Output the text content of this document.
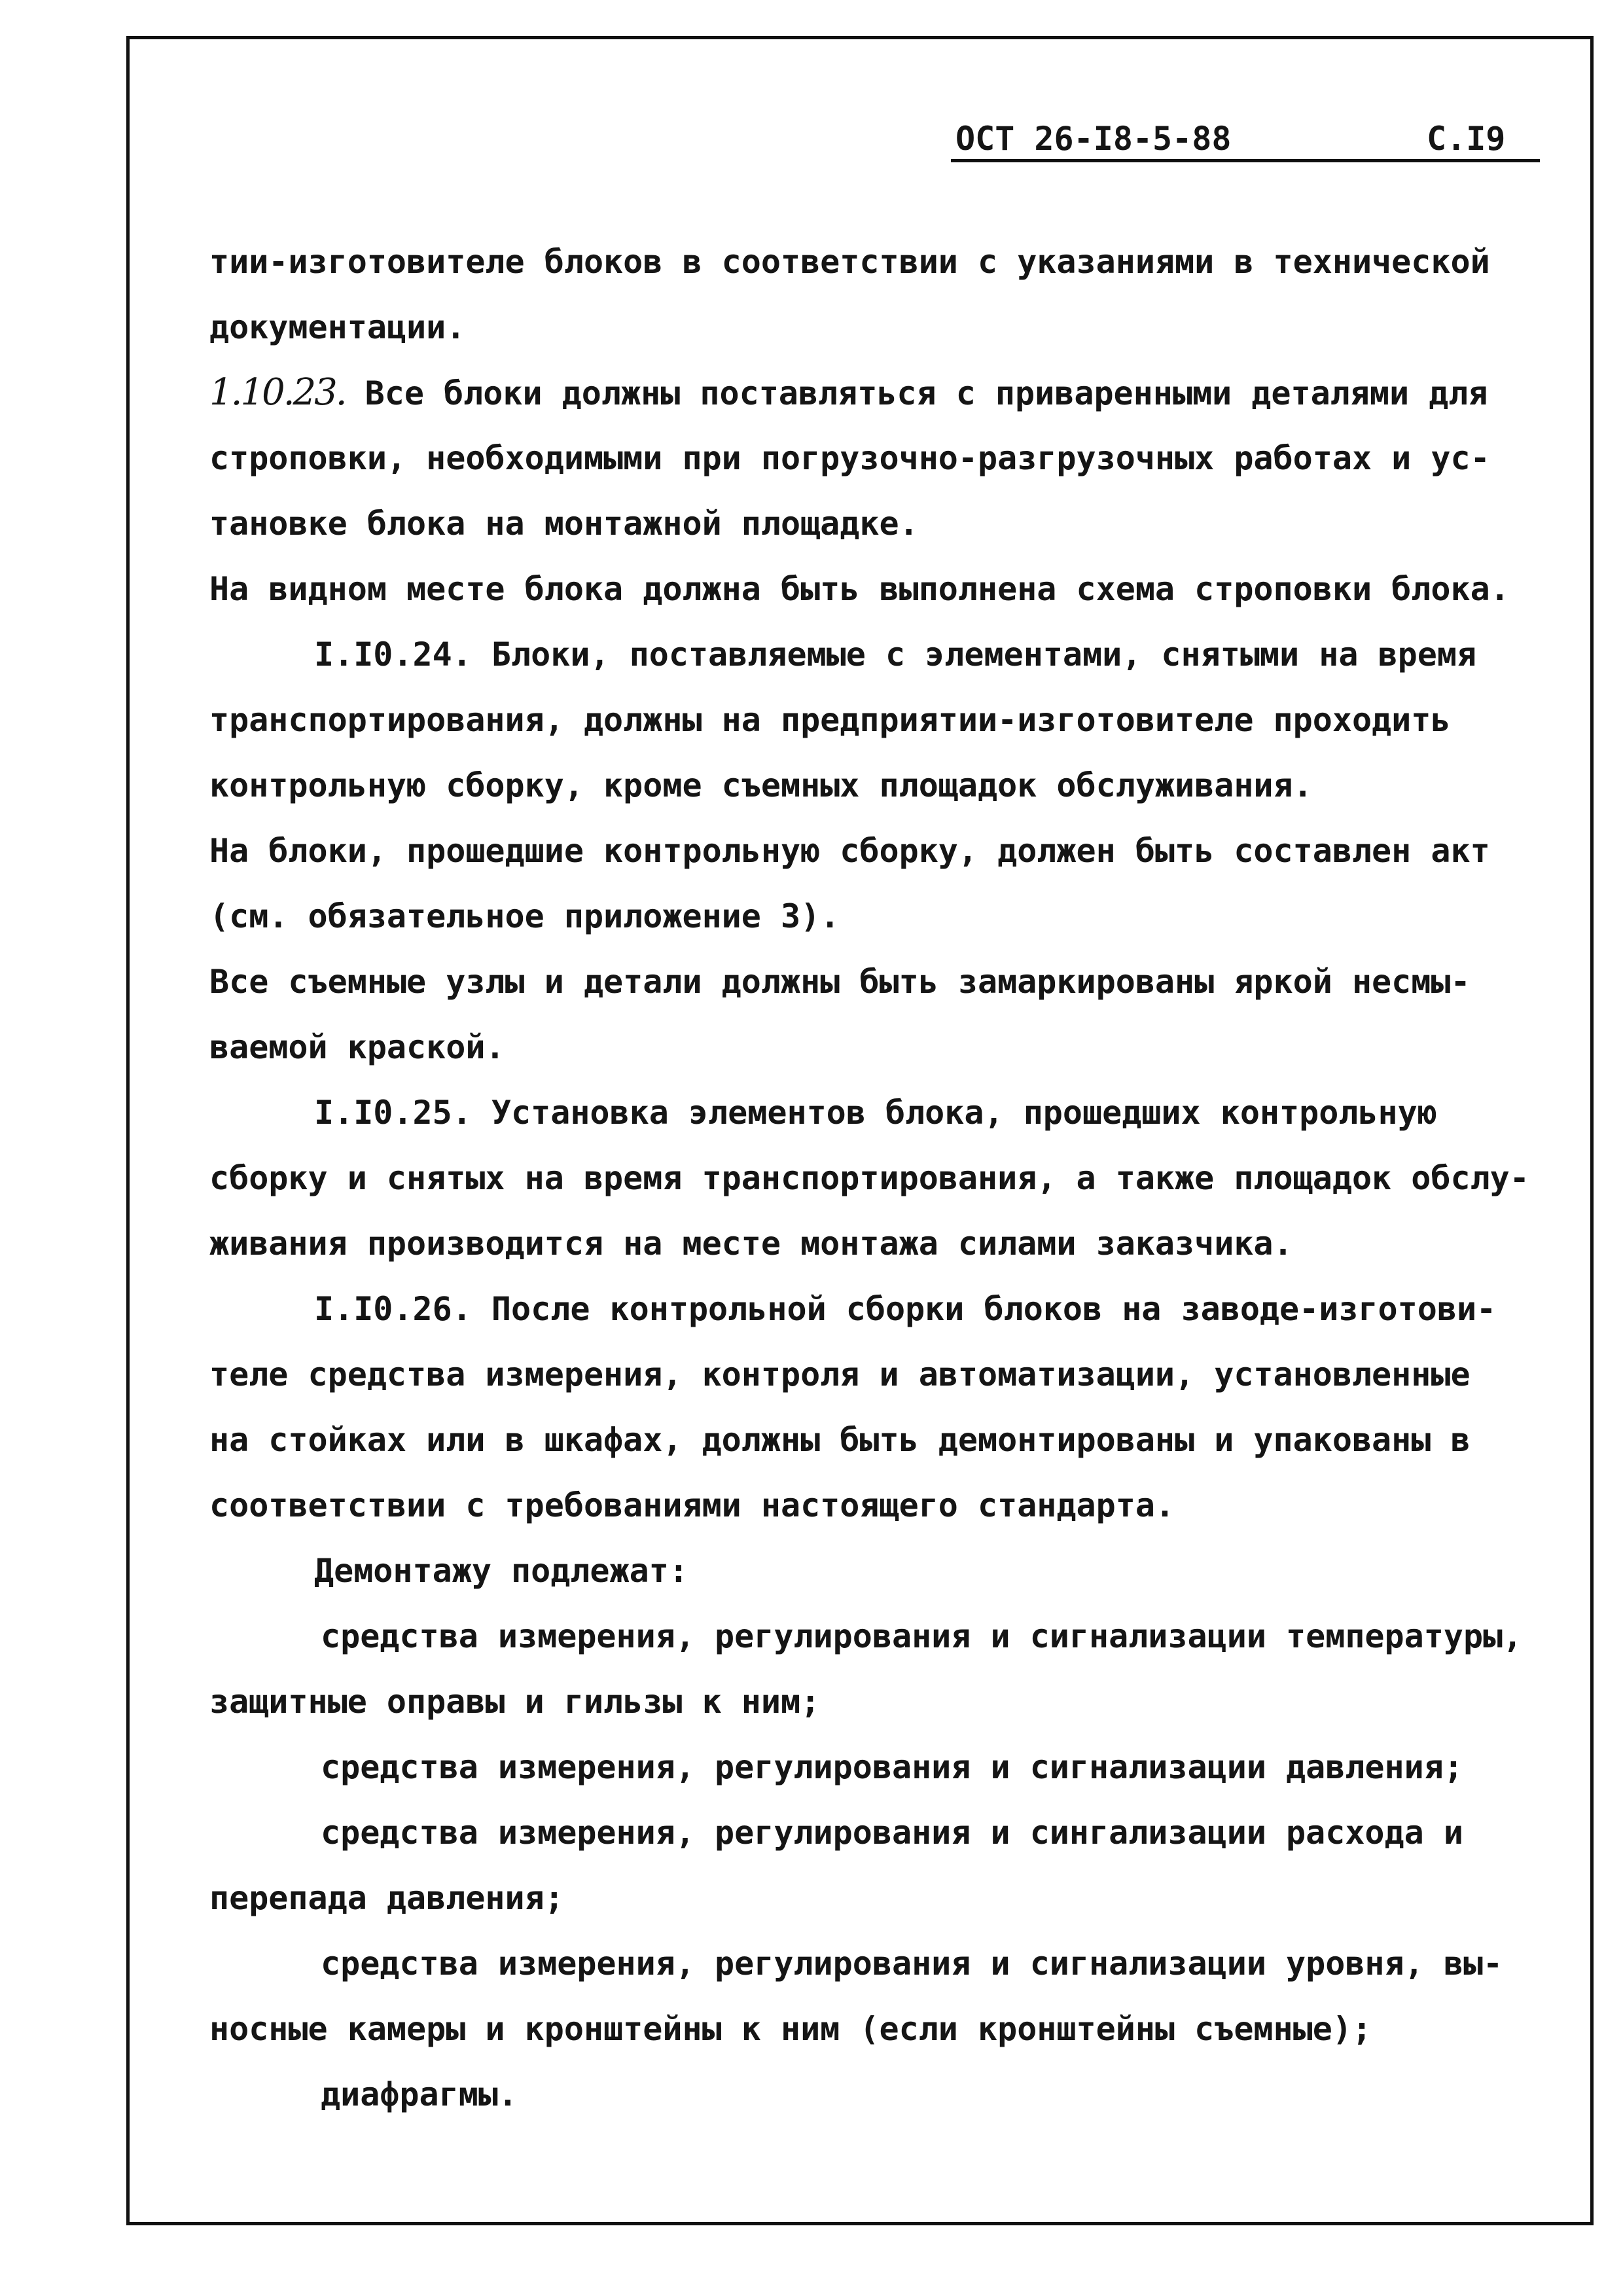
ОСТ 26-I8-5-88	С.I9
тии-изготовителе блоков в соответствии с указаниями в технической
документации.
1.10.23. Все блоки должны поставляться с приваренными деталями для
строповки, необходимыми при погрузочно-разгрузочных работах и ус-
тановке блока на монтажной площадке.
На видном месте блока должна быть выполнена схема строповки блока.
I.I0.24. Блоки, поставляемые с элементами, снятыми на время
транспортирования, должны на предприятии-изготовителе проходить
контрольную сборку, кроме съемных площадок обслуживания.
На блоки, прошедшие контрольную сборку, должен быть составлен акт
(см. обязательное приложение 3).
Все съемные узлы и детали должны быть замаркированы яркой несмы-
ваемой краской.
I.I0.25. Установка элементов блока, прошедших контрольную
сборку и снятых на время транспортирования, а также площадок обслу-
живания производится на месте монтажа силами заказчика.
I.I0.26. После контрольной сборки блоков на заводе-изготови-
теле средства измерения, контроля и автоматизации, установленные
на стойках или в шкафах, должны быть демонтированы и упакованы в
соответствии с требованиями настоящего стандарта.
Демонтажу подлежат:
средства измерения, регулирования и сигнализации температуры,
защитные оправы и гильзы к ним;
средства измерения, регулирования и сигнализации давления;
средства измерения, регулирования и сингализации расхода и
перепада давления;
средства измерения, регулирования и сигнализации уровня, вы-
носные камеры и кронштейны к ним (если кронштейны съемные);
диафрагмы.
